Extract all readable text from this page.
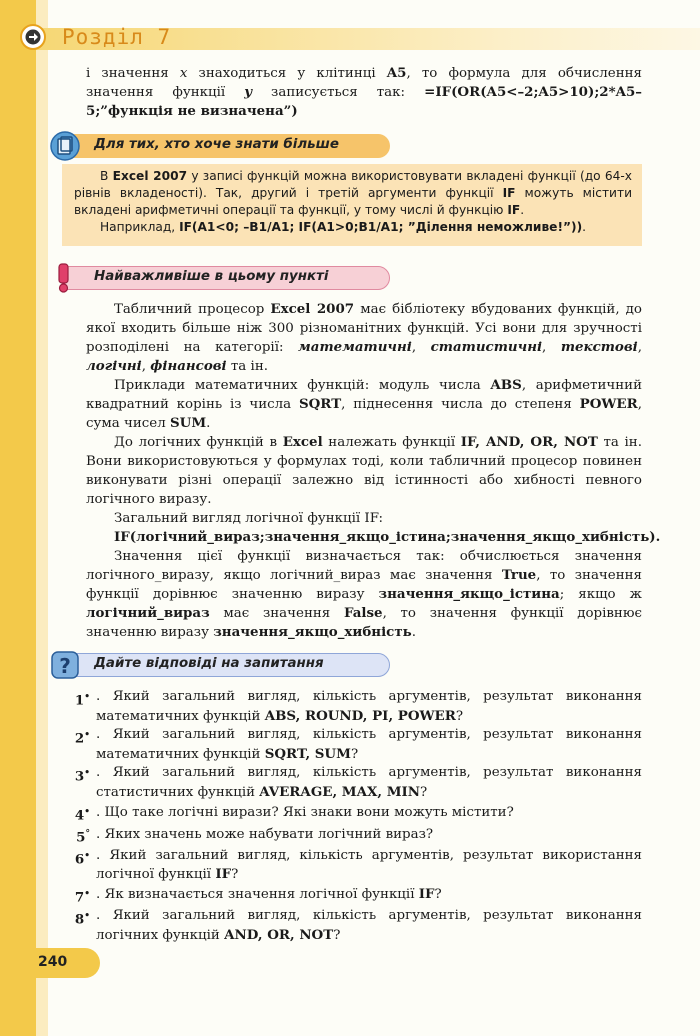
Розділ 7

і значення x знаходиться у клітинці A5, то формула для обчислення значення функції y записується так: =IF(OR(A5<–2;A5>10);2*A5–5;”функція не визначена”)

Для тих, хто хоче знати більше

В Excel 2007 у записі функцій можна використовувати вкладені функції (до 64-х рівнів вкладеності). Так, другий і третій аргументи функції IF можуть містити вкладені арифметичні операції та функції, у тому числі й функцію IF.

Наприклад, IF(A1<0; –B1/A1; IF(A1>0;B1/A1; ”Ділення неможливе!”)).

Найважливіше в цьому пункті

Табличний процесор Excel 2007 має бібліотеку вбудованих функцій, до якої входить більше ніж 300 різноманітних функцій. Усі вони для зручності розподілені на категорії: математичні, статистичні, текстові, логічні, фінансові та ін.

Приклади математичних функцій: модуль числа ABS, арифметичний квадратний корінь із числа SQRT, піднесення числа до степеня POWER, сума чисел SUM.

До логічних функцій в Excel належать функції IF, AND, OR, NOT та ін. Вони використовуються у формулах тоді, коли табличний процесор повинен виконувати різні операції залежно від істинності або хибності певного логічного виразу.

Загальний вигляд логічної функції IF:

IF(логічний_вираз;значення_якщо_істина;значення_якщо_хибність).

Значення цієї функції визначається так: обчислюється значення логічного_виразу, якщо логічний_вираз має значення True, то значення функції дорівнює значенню виразу значення_якщо_істина; якщо ж логічний_вираз має значення False, то значення функції дорівнює значенню виразу значення_якщо_хибність.

? Дайте відповіді на запитання
1• . Який загальний вигляд, кількість аргументів, результат виконання математичних функцій ABS, ROUND, PI, POWER?
2• . Який загальний вигляд, кількість аргументів, результат виконання математичних функцій SQRT, SUM?
3• . Який загальний вигляд, кількість аргументів, результат виконання статистичних функцій AVERAGE, MAX, MIN?
4• . Що таке логічні вирази? Які знаки вони можуть містити?
5° . Яких значень може набувати логічний вираз?
6• . Який загальний вигляд, кількість аргументів, результат використання логічної функції IF?
7• . Як визначається значення логічної функції IF?
8• . Який загальний вигляд, кількість аргументів, результат виконання логічних функцій AND, OR, NOT?
240
